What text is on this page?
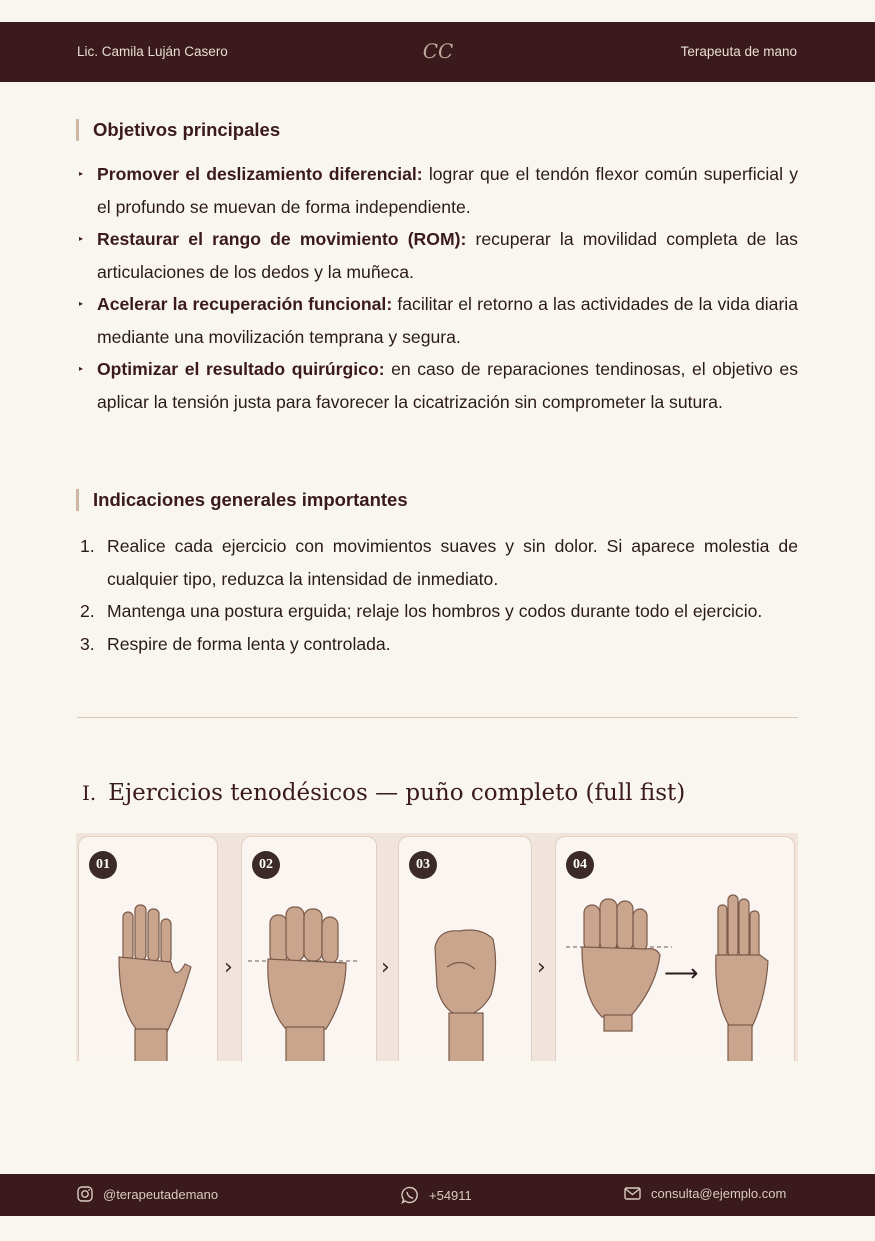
Lic. Camila Luján Casero	CC	Terapeuta de mano
Objetivos principales
▸ Promover el deslizamiento diferencial: lograr que el tendón flexor común superficial y el profundo se muevan de forma independiente.
▸ Restaurar el rango de movimiento (ROM): recuperar la movilidad completa de las articulaciones de los dedos y la muñeca.
▸ Acelerar la recuperación funcional: facilitar el retorno a las actividades de la vida diaria mediante una movilización temprana y segura.
▸ Optimizar el resultado quirúrgico: en caso de reparaciones tendinosas, el objetivo es aplicar la tensión justa para favorecer la cicatrización sin comprometer la sutura.
Indicaciones generales importantes
1. Realice cada ejercicio con movimientos suaves y sin dolor. Si aparece molestia de cualquier tipo, reduzca la intensidad de inmediato.
2. Mantenga una postura erguida; relaje los hombros y codos durante todo el ejercicio.
3. Respire de forma lenta y controlada.
I. Ejercicios tenodésicos — puño completo (full fist)
01
›
02
›
03
›
04
⟶
@terapeutademano	+54911	consulta@ejemplo.com
